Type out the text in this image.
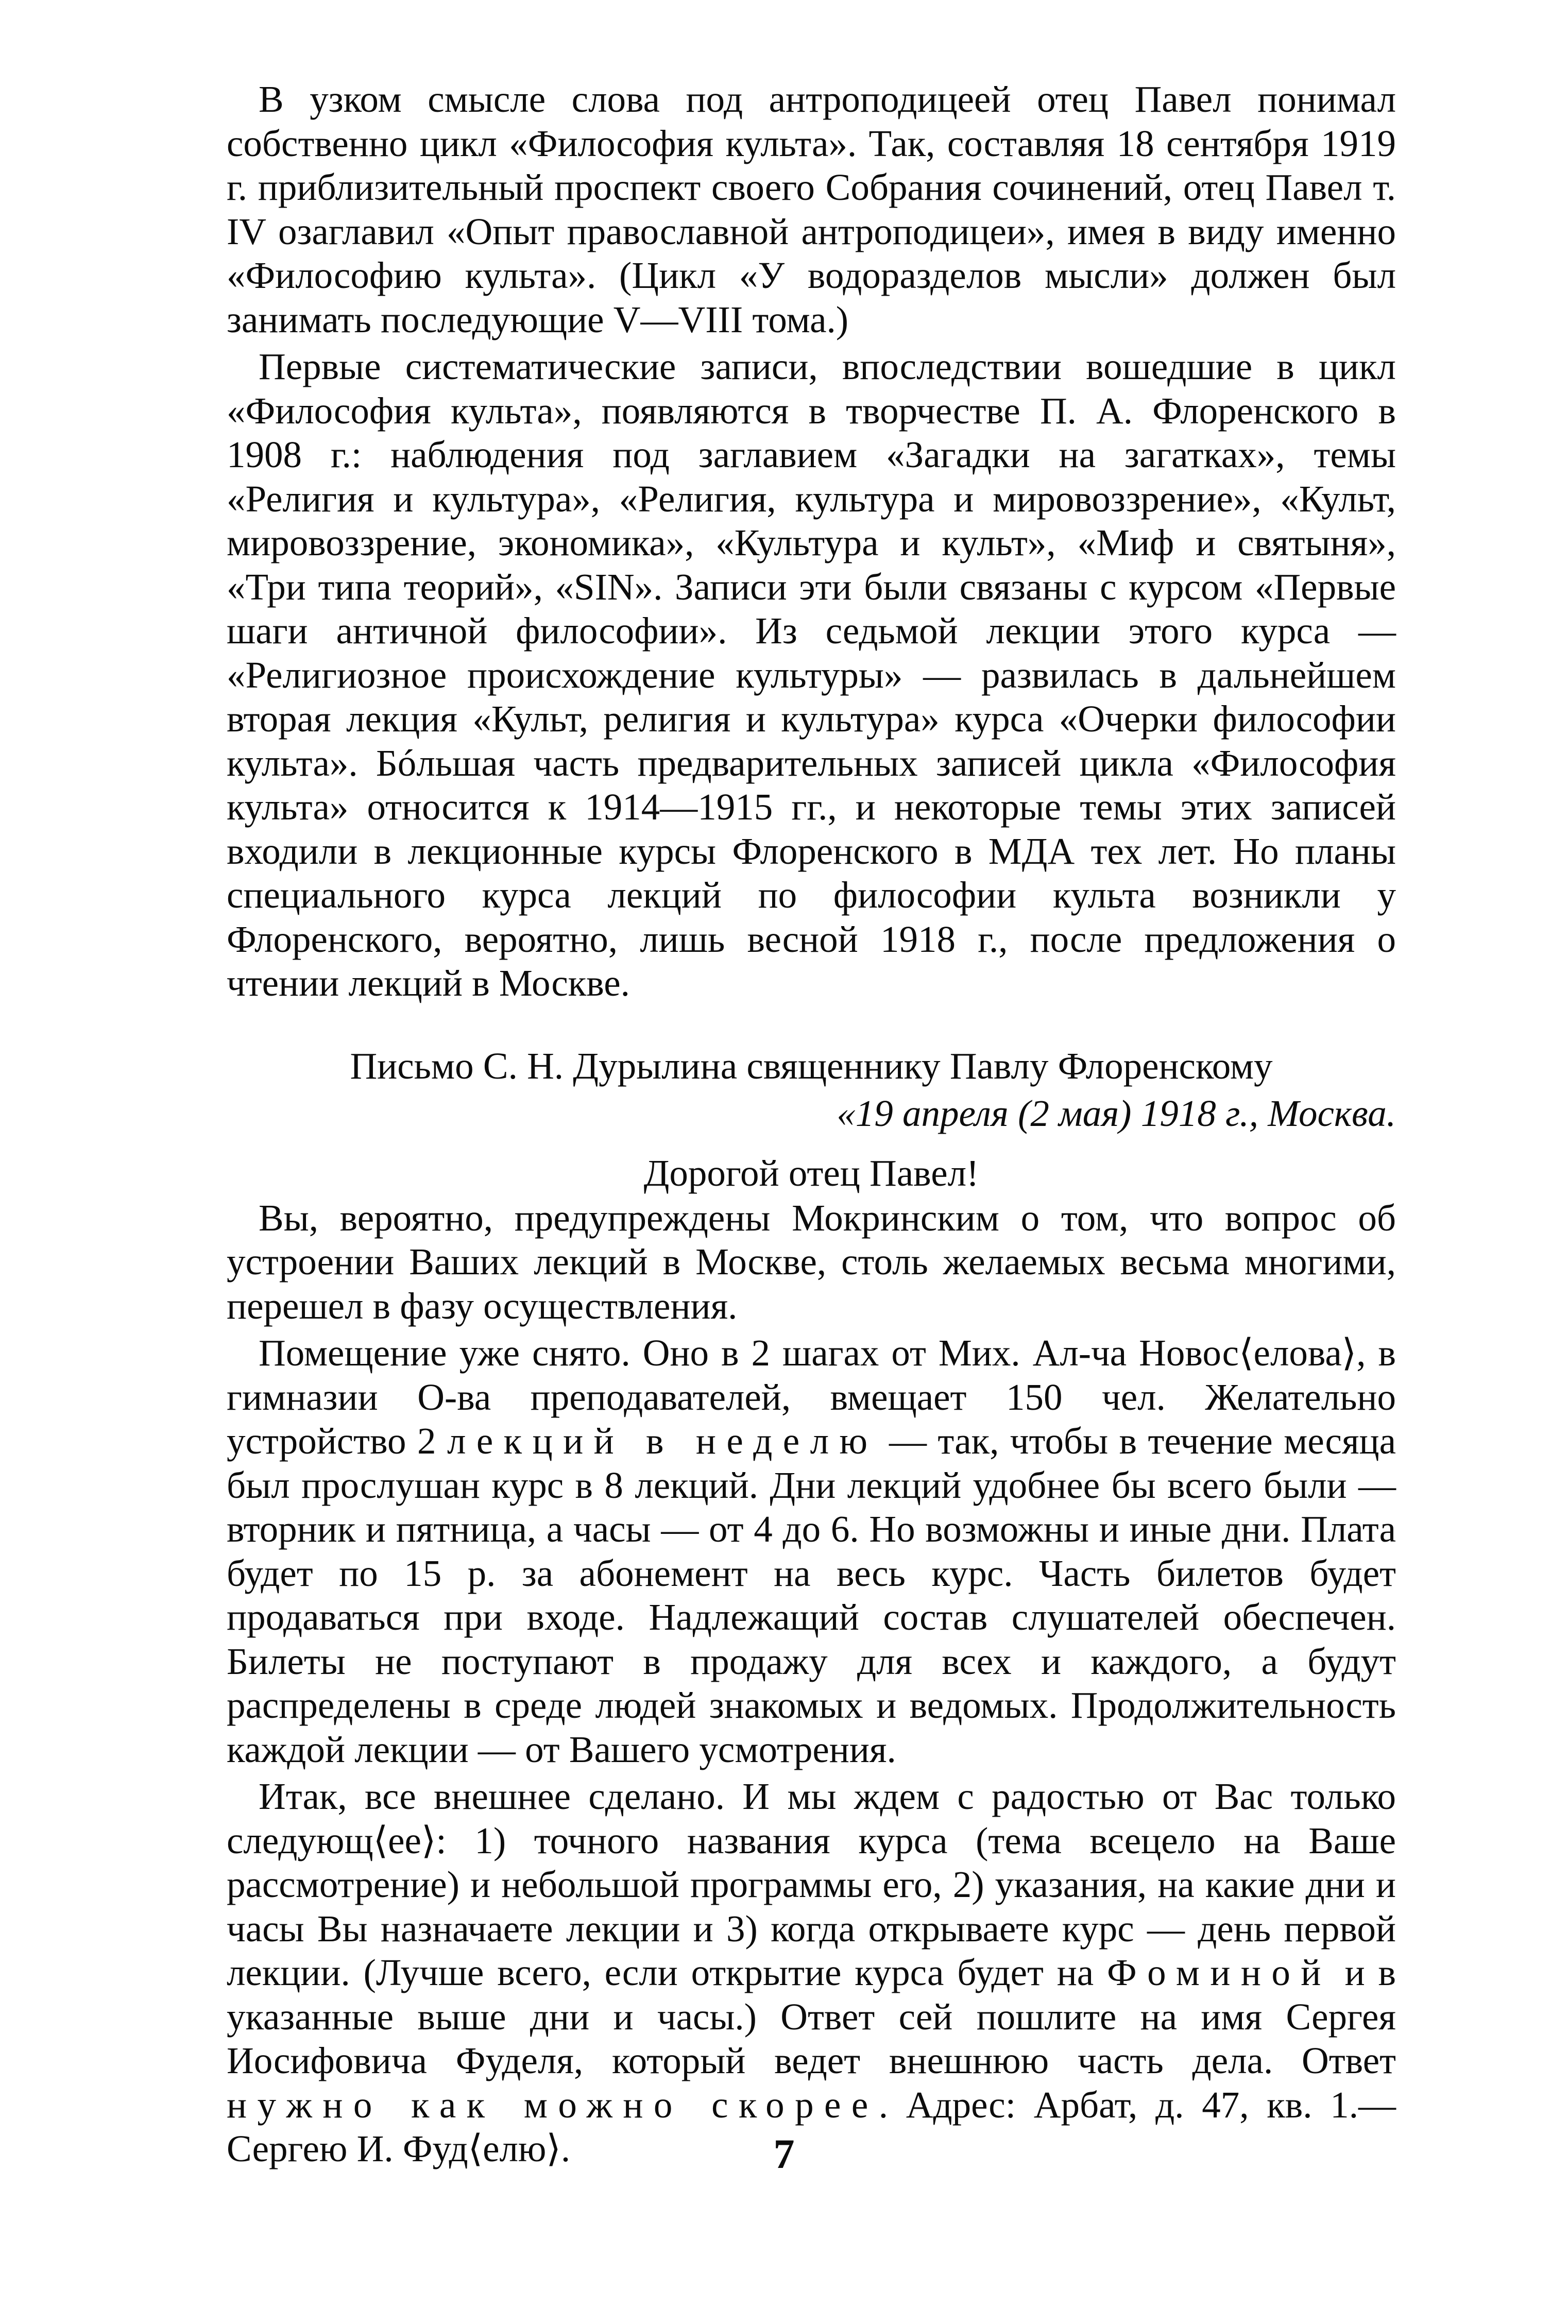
В узком смысле слова под антроподицеей отец Павел понимал собственно цикл «Философия культа». Так, составляя 18 сентября 1919 г. приблизительный проспект своего Собрания сочинений, отец Павел т. IV озаглавил «Опыт православной антроподицеи», имея в виду именно «Философию культа». (Цикл «У водоразделов мысли» должен был занимать последующие V—VIII тома.)

Первые систематические записи, впоследствии вошедшие в цикл «Философия культа», появляются в творчестве П. А. Флоренского в 1908 г.: наблюдения под заглавием «Загадки на загатках», темы «Религия и культура», «Религия, культура и мировоззрение», «Культ, мировоззрение, экономика», «Культура и культ», «Миф и святыня», «Три типа теорий», «SIN». Записи эти были связаны с курсом «Первые шаги античной философии». Из седьмой лекции этого курса — «Религиозное происхождение культуры» — развилась в дальнейшем вторая лекция «Культ, религия и культура» курса «Очерки философии культа». Бóльшая часть предварительных записей цикла «Философия культа» относится к 1914—1915 гг., и некоторые темы этих записей входили в лекционные курсы Флоренского в МДА тех лет. Но планы специального курса лекций по философии культа возникли у Флоренского, вероятно, лишь весной 1918 г., после предложения о чтении лекций в Москве.

Письмо С. Н. Дурылина священнику Павлу Флоренскому
«19 апреля (2 мая) 1918 г., Москва.
Дорогой отец Павел!

Вы, вероятно, предупреждены Мокринским о том, что вопрос об устроении Ваших лекций в Москве, столь желаемых весьма многими, перешел в фазу осуществления.

Помещение уже снято. Оно в 2 шагах от Мих. Ал-ча Новос⟨елова⟩, в гимназии О-ва преподавателей, вмещает 150 чел. Желательно устройство 2 лекций в неделю — так, чтобы в течение месяца был прослушан курс в 8 лекций. Дни лекций удобнее бы всего были — вторник и пятница, а часы — от 4 до 6. Но возможны и иные дни. Плата будет по 15 р. за абонемент на весь курс. Часть билетов будет продаваться при входе. Надлежащий состав слушателей обеспечен. Билеты не поступают в продажу для всех и каждого, а будут распределены в среде людей знакомых и ведомых. Продолжительность каждой лекции — от Вашего усмотрения.

Итак, все внешнее сделано. И мы ждем с радостью от Вас только следующ⟨ее⟩: 1) точного названия курса (тема всецело на Ваше рассмотрение) и небольшой программы его, 2) указания, на какие дни и часы Вы назначаете лекции и 3) когда открываете курс — день первой лекции. (Лучше всего, если открытие курса будет на Фоминой и в указанные выше дни и часы.) Ответ сей пошлите на имя Сергея Иосифовича Фуделя, который ведет внешнюю часть дела. Ответ нужно как можно скорее. Адрес: Арбат, д. 47, кв. 1.—Сергею И. Фуд⟨елю⟩.	7
